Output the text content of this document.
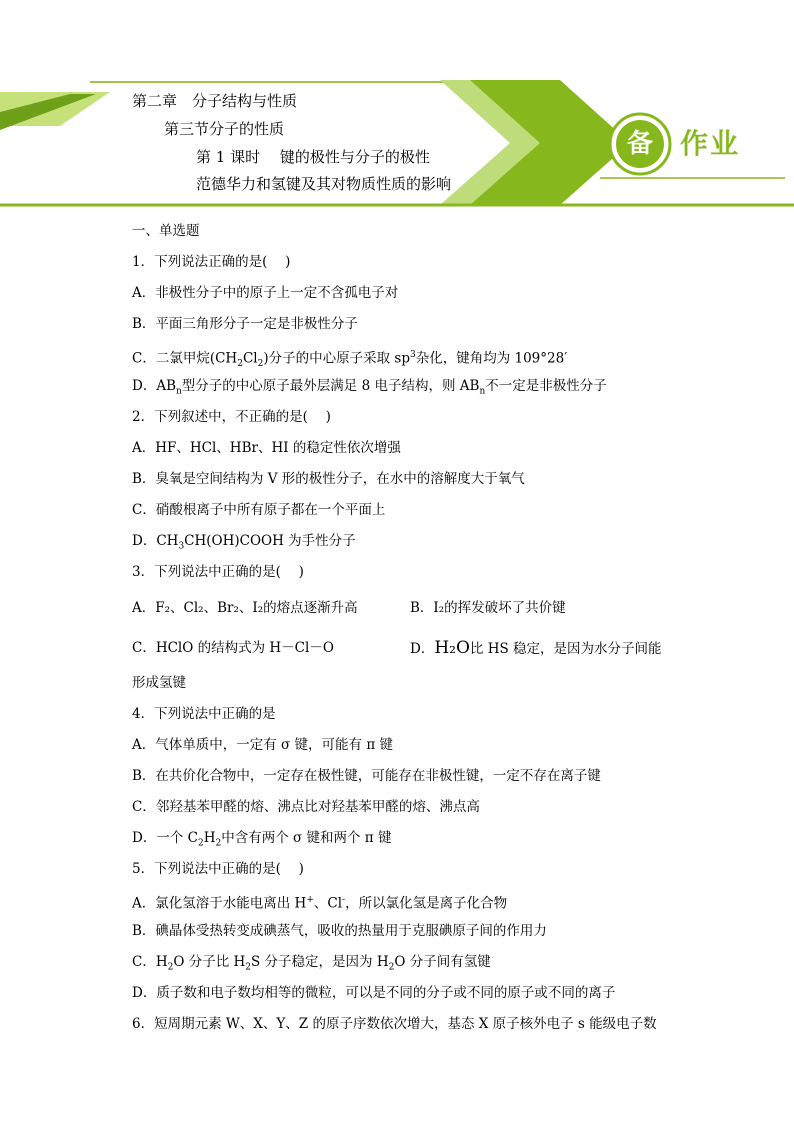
备 作业
第二章　分子结构与性质
第三节分子的性质
第 1 课时　 键的极性与分子的极性
范德华力和氢键及其对物质性质的影响
一、单选题
1．下列说法正确的是(　 )
A．非极性分子中的原子上一定不含孤电子对
B．平面三角形分子一定是非极性分子
C．二氯甲烷$(CH_2Cl_2)$分子的中心原子采取 $sp^3$杂化，键角均为 109°28′
D．$AB_n$型分子的中心原子最外层满足 8 电子结构，则 $AB_n$不一定是非极性分子
2．下列叙述中，不正确的是(　 )
A．HF、HCl、HBr、HI 的稳定性依次增强
B．臭氧是空间结构为 V 形的极性分子，在水中的溶解度大于氧气
C．硝酸根离子中所有原子都在一个平面上
D．$CH_3CH(OH)COOH$ 为手性分子
3．下列说法中正确的是(　 )
A．F₂、Cl₂、Br₂、I₂的熔点逐渐升高	B．I₂的挥发破坏了共价键
C．HClO 的结构式为 H－Cl－O	D．H₂O比 HS 稳定，是因为水分子间能
形成氢键
4．下列说法中正确的是
A．气体单质中，一定有 σ 键，可能有 π 键
B．在共价化合物中，一定存在极性键，可能存在非极性键，一定不存在离子键
C．邻羟基苯甲醛的熔、沸点比对羟基苯甲醛的熔、沸点高
D．一个 $C_2H_2$中含有两个 σ 键和两个 π 键
5．下列说法中正确的是(　 )
A．氯化氢溶于水能电离出 H+、Cl-，所以氯化氢是离子化合物
B．碘晶体受热转变成碘蒸气，吸收的热量用于克服碘原子间的作用力
C．$H_2O$ 分子比 $H_2S$ 分子稳定，是因为 $H_2O$ 分子间有氢键
D．质子数和电子数均相等的微粒，可以是不同的分子或不同的原子或不同的离子
6．短周期元素 W、X、Y、Z 的原子序数依次增大，基态 X 原子核外电子 s 能级电子数
